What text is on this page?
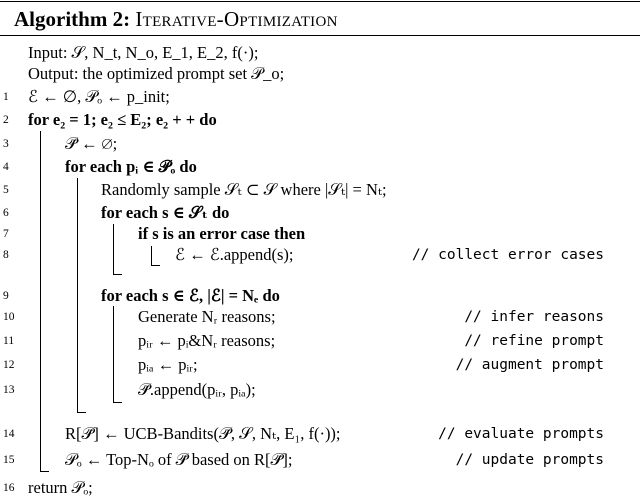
Algorithm 2: Iterative-Optimization
Input: 𝒮, N_t, N_o, E_1, E_2, f(·);
Output: the optimized prompt set 𝒫_o;
1	ℰ ← ∅, 𝒫ₒ ← p_init;
2	for e₂ = 1; e₂ ≤ E₂; e₂ + + do
3	𝒫̃ ← ∅;
4	for each pᵢ ∈ 𝒫ₒ do
5	Randomly sample 𝒮ₜ ⊂ 𝒮 where |𝒮ₜ| = Nₜ;
6	for each s ∈ 𝒮ₜ do
7	if s is an error case then
8	ℰ ← ℰ.append(s);	// collect error cases
9	for each s ∈ ℰ, |ℰ| = Nₑ do
10	Generate Nᵣ reasons;	// infer reasons
11	pᵢᵣ ← pᵢ&Nᵣ reasons;	// refine prompt
12	pᵢₐ ← pᵢᵣ;	// augment prompt
13	𝒫̃.append(pᵢᵣ, pᵢₐ);
14	R[𝒫̃] ← UCB-Bandits(𝒫̃, 𝒮, Nₜ, E₁, f(·));	// evaluate prompts
15	𝒫ₒ ← Top-Nₒ of 𝒫̃ based on R[𝒫̃];	// update prompts
16 return 𝒫ₒ;
